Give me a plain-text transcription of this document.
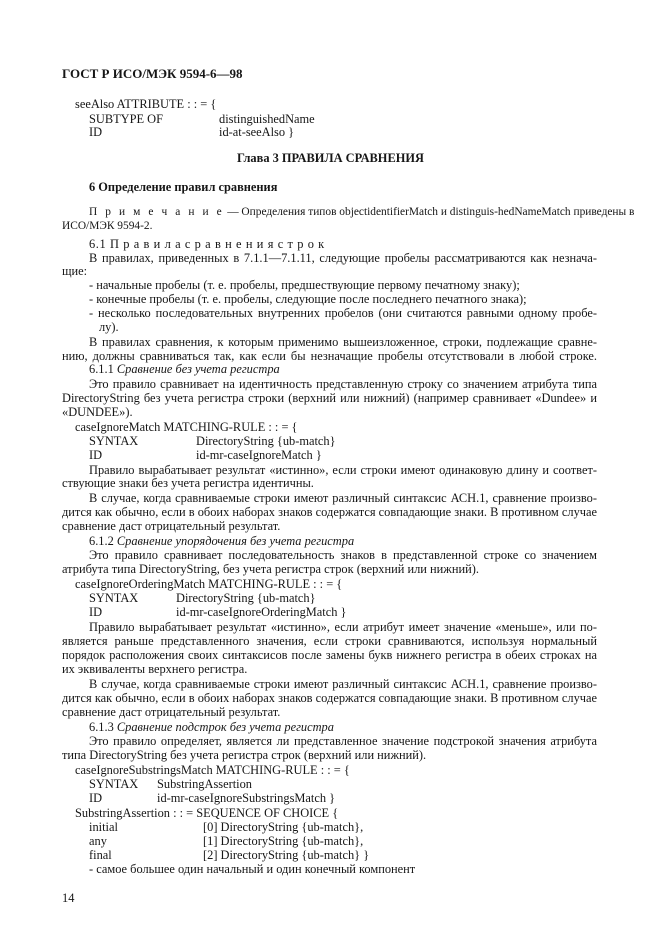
ГОСТ Р ИСО/МЭК 9594-6—98
seeAlso ATTRIBUTE : : = {
SUBTYPE OF	distinguishedName
ID	id-at-seeAlso }
Глава 3 ПРАВИЛА СРАВНЕНИЯ
6 Определение правил сравнения
П р и м е ч а н и е — Определения типов objectidentifierMatch и distinguis-hedNameMatch приведены в
ИСО/МЭК 9594-2.
6.1 П р а в и л а с р а в н е н и я с т р о к
В правилах, приведенных в 7.1.1—7.1.11, следующие пробелы рассматриваются как незнача-
щие:
- начальные пробелы (т. е. пробелы, предшествующие первому печатному знаку);
- конечные пробелы (т. е. пробелы, следующие после последнего печатного знака);
- несколько последовательных внутренних пробелов (они считаются равными одному пробе-
лу).
В правилах сравнения, к которым применимо вышеизложенное, строки, подлежащие сравне-
нию, должны сравниваться так, как если бы незначащие пробелы отсутствовали в любой строке.
6.1.1 Сравнение без учета регистра
Это правило сравнивает на идентичность представленную строку со значением атрибута типа
DirectoryString без учета регистра строки (верхний или нижний) (например сравнивает «Dundee» и
«DUNDEE»).
caseIgnoreMatch MATCHING-RULE : : = {
SYNTAX	DirectoryString {ub-match}
ID	id-mr-caseIgnoreMatch }
Правило вырабатывает результат «истинно», если строки имеют одинаковую длину и соответ-
ствующие знаки без учета регистра идентичны.
В случае, когда сравниваемые строки имеют различный синтаксис АСН.1, сравнение произво-
дится как обычно, если в обоих наборах знаков содержатся совпадающие знаки. В противном случае
сравнение даст отрицательный результат.
6.1.2 Сравнение упорядочения без учета регистра
Это правило сравнивает последовательность знаков в представленной строке со значением
атрибута типа DirectoryString, без учета регистра строк (верхний или нижний).
caseIgnoreOrderingMatch MATCHING-RULE : : = {
SYNTAX	DirectoryString {ub-match}
ID	id-mr-caseIgnoreOrderingMatch }
Правило вырабатывает результат «истинно», если атрибут имеет значение «меньше», или по-
является раньше представленного значения, если строки сравниваются, используя нормальный
порядок расположения своих синтаксисов после замены букв нижнего регистра в обеих строках на
их эквиваленты верхнего регистра.
В случае, когда сравниваемые строки имеют различный синтаксис АСН.1, сравнение произво-
дится как обычно, если в обоих наборах знаков содержатся совпадающие знаки. В противном случае
сравнение даст отрицательный результат.
6.1.3 Сравнение подстрок без учета регистра
Это правило определяет, является ли представленное значение подстрокой значения атрибута
типа DirectoryString без учета регистра строк (верхний или нижний).
caseIgnoreSubstringsMatch MATCHING-RULE : : = {
SYNTAX SubstringAssertion
ID	id-mr-caseIgnoreSubstringsMatch }
SubstringAssertion : : = SEQUENCE OF CHOICE {
initial	[0] DirectoryString {ub-match},
any	[1] DirectoryString {ub-match},
final	[2] DirectoryString {ub-match} }
- самое большее один начальный и один конечный компонент
14
